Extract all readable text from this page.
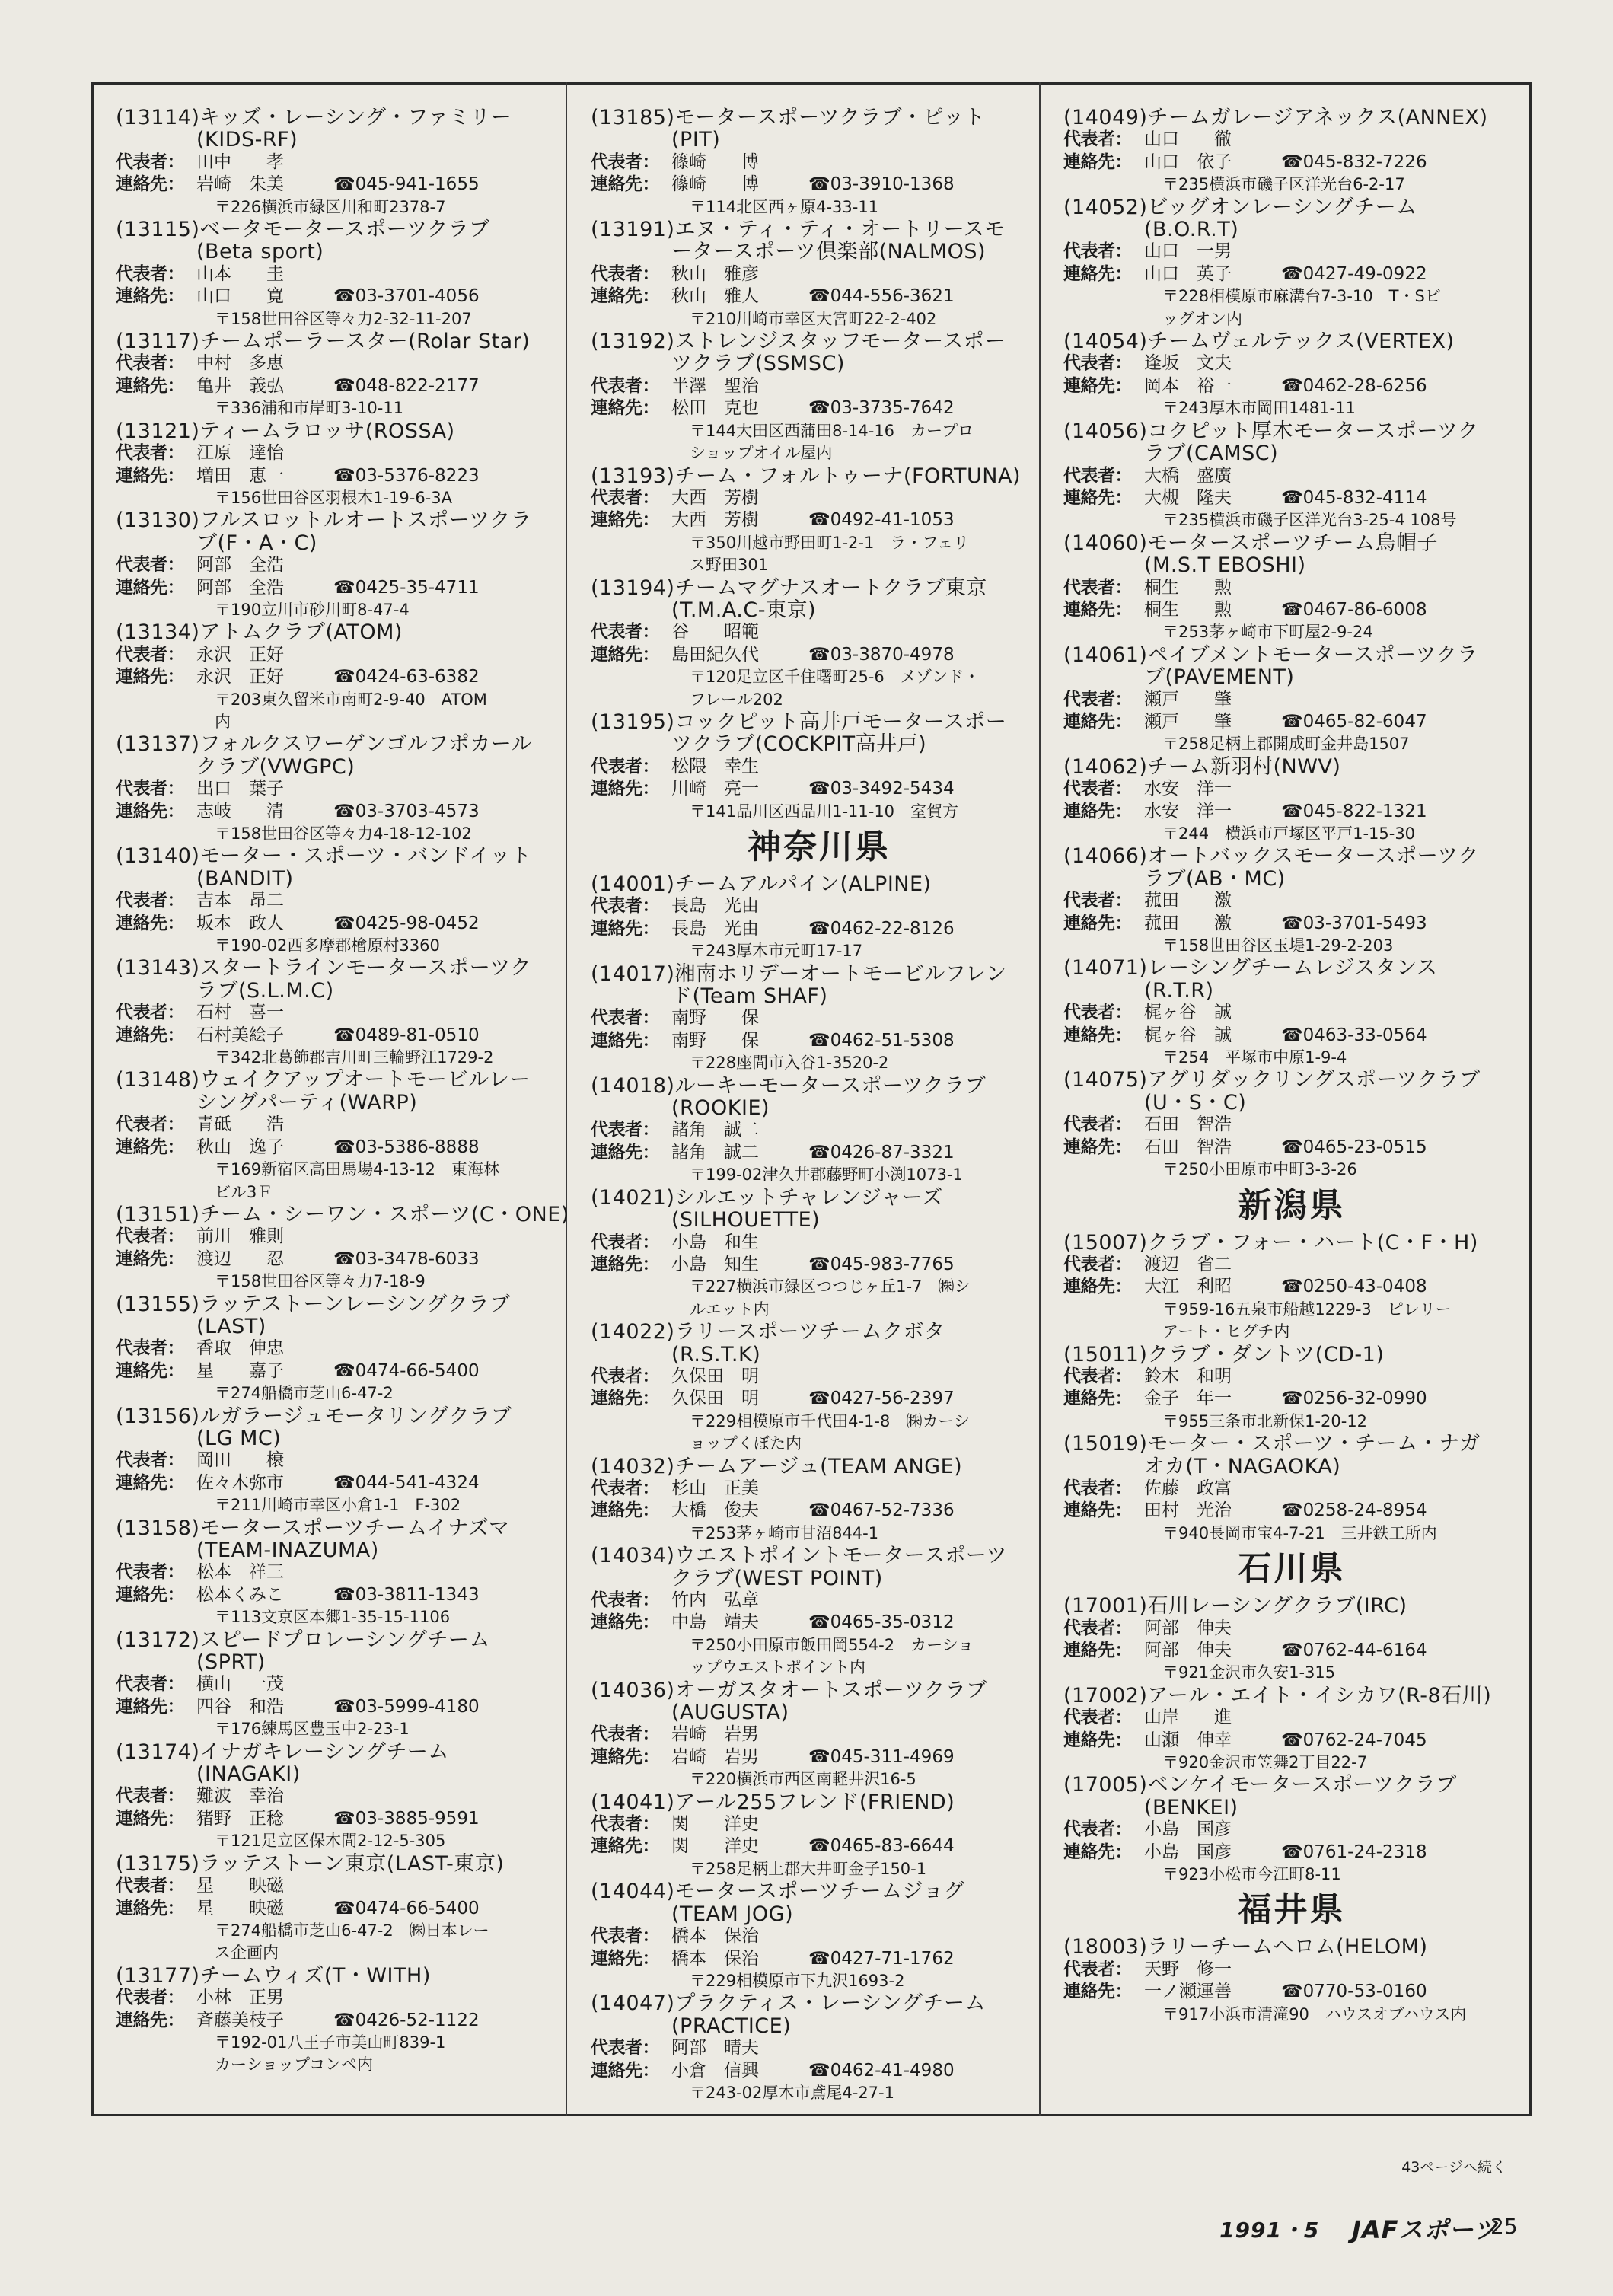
(13114)キッズ・レーシング・ファミリー
(KIDS-RF)
代表者： 田中　　孝
連絡先： 岩崎　朱美	☎045-941-1655
〒226横浜市緑区川和町2378-7
(13115)ベータモータースポーツクラブ
(Beta sport)
代表者： 山本　　圭
連絡先： 山口　　寛	☎03-3701-4056
〒158世田谷区等々力2-32-11-207
(13117)チームポーラースター(Rolar Star)
代表者： 中村　多恵
連絡先： 亀井　義弘	☎048-822-2177
〒336浦和市岸町3-10-11
(13121)ティームラロッサ(ROSSA)
代表者： 江原　達怡
連絡先： 増田　恵一	☎03-5376-8223
〒156世田谷区羽根木1-19-6-3A
(13130)フルスロットルオートスポーツクラ
ブ(F・A・C)
代表者： 阿部　全浩
連絡先： 阿部　全浩	☎0425-35-4711
〒190立川市砂川町8-47-4
(13134)アトムクラブ(ATOM)
代表者： 永沢　正好
連絡先： 永沢　正好	☎0424-63-6382
〒203東久留米市南町2-9-40　ATOM
内
(13137)フォルクスワーゲンゴルフポカール
クラブ(VWGPC)
代表者： 出口　葉子
連絡先： 志岐　　清	☎03-3703-4573
〒158世田谷区等々力4-18-12-102
(13140)モーター・スポーツ・バンドイット
(BANDIT)
代表者： 吉本　昂二
連絡先： 坂本　政人	☎0425-98-0452
〒190-02西多摩郡檜原村3360
(13143)スタートラインモータースポーツク
ラブ(S.L.M.C)
代表者： 石村　喜一
連絡先： 石村美絵子	☎0489-81-0510
〒342北葛飾郡吉川町三輪野江1729-2
(13148)ウェイクアップオートモービルレー
シングパーティ(WARP)
代表者： 青砥　　浩
連絡先： 秋山　逸子	☎03-5386-8888
〒169新宿区高田馬場4-13-12　東海林
ビル3Ｆ
(13151)チーム・シーワン・スポーツ(C・ONE)
代表者： 前川　雅則
連絡先： 渡辺　　忍	☎03-3478-6033
〒158世田谷区等々力7-18-9
(13155)ラッテストーンレーシングクラブ
(LAST)
代表者： 香取　伸忠
連絡先： 星　　嘉子	☎0474-66-5400
〒274船橋市芝山6-47-2
(13156)ルガラージュモータリングクラブ
(LG MC)
代表者： 岡田　　榱
連絡先： 佐々木弥市	☎044-541-4324
〒211川崎市幸区小倉1-1　F-302
(13158)モータースポーツチームイナズマ
(TEAM-INAZUMA)
代表者： 松本　祥三
連絡先： 松本くみこ	☎03-3811-1343
〒113文京区本郷1-35-15-1106
(13172)スピードプロレーシングチーム
(SPRT)
代表者： 横山　一茂
連絡先： 四谷　和浩	☎03-5999-4180
〒176練馬区豊玉中2-23-1
(13174)イナガキレーシングチーム
(INAGAKI)
代表者： 難波　幸治
連絡先： 猪野　正稔	☎03-3885-9591
〒121足立区保木間2-12-5-305
(13175)ラッテストーン東京(LAST-東京)
代表者： 星　　映磁
連絡先： 星　　映磁	☎0474-66-5400
〒274船橋市芝山6-47-2　㈱日本レー
ス企画内
(13177)チームウィズ(T・WITH)
代表者： 小林　正男
連絡先： 斉藤美枝子	☎0426-52-1122
〒192-01八王子市美山町839-1
カーショップコンペ内
(13185)モータースポーツクラブ・ピット
(PIT)
代表者： 篠崎　　博
連絡先： 篠崎　　博	☎03-3910-1368
〒114北区西ヶ原4-33-11
(13191)エヌ・ティ・ティ・オートリースモ
ータースポーツ倶楽部(NALMOS)
代表者： 秋山　雅彦
連絡先： 秋山　雅人	☎044-556-3621
〒210川崎市幸区大宮町22-2-402
(13192)ストレンジスタッフモータースポー
ツクラブ(SSMSC)
代表者： 半澤　聖治
連絡先： 松田　克也	☎03-3735-7642
〒144大田区西蒲田8-14-16　カープロ
ショップオイル屋内
(13193)チーム・フォルトゥーナ(FORTUNA)
代表者： 大西　芳樹
連絡先： 大西　芳樹	☎0492-41-1053
〒350川越市野田町1-2-1　ラ・フェリ
ス野田301
(13194)チームマグナスオートクラブ東京
(T.M.A.C-東京)
代表者： 谷　　昭範
連絡先： 島田紀久代	☎03-3870-4978
〒120足立区千住曙町25-6　メゾンド・
フレール202
(13195)コックピット高井戸モータースポー
ツクラブ(COCKPIT高井戸)
代表者： 松隈　幸生
連絡先： 川崎　亮一	☎03-3492-5434
〒141品川区西品川1-11-10　室賀方
神奈川県
(14001)チームアルパイン(ALPINE)
代表者： 長島　光由
連絡先： 長島　光由	☎0462-22-8126
〒243厚木市元町17-17
(14017)湘南ホリデーオートモービルフレン
ド(Team SHAF)
代表者： 南野　　保
連絡先： 南野　　保	☎0462-51-5308
〒228座間市入谷1-3520-2
(14018)ルーキーモータースポーツクラブ
(ROOKIE)
代表者： 諸角　誠二
連絡先： 諸角　誠二	☎0426-87-3321
〒199-02津久井郡藤野町小渕1073-1
(14021)シルエットチャレンジャーズ
(SILHOUETTE)
代表者： 小島　和生
連絡先： 小島　知生	☎045-983-7765
〒227横浜市緑区つつじヶ丘1-7　㈱シ
ルエット内
(14022)ラリースポーツチームクボタ
(R.S.T.K)
代表者： 久保田　明
連絡先： 久保田　明	☎0427-56-2397
〒229相模原市千代田4-1-8　㈱カーシ
ョップくぼた内
(14032)チームアージュ(TEAM ANGE)
代表者： 杉山　正美
連絡先： 大橋　俊夫	☎0467-52-7336
〒253茅ヶ崎市甘沼844-1
(14034)ウエストポイントモータースポーツ
クラブ(WEST POINT)
代表者： 竹内　弘章
連絡先： 中島　靖夫	☎0465-35-0312
〒250小田原市飯田岡554-2　カーショ
ップウエストポイント内
(14036)オーガスタオートスポーツクラブ
(AUGUSTA)
代表者： 岩崎　岩男
連絡先： 岩崎　岩男	☎045-311-4969
〒220横浜市西区南軽井沢16-5
(14041)アール255フレンド(FRIEND)
代表者： 関　　洋史
連絡先： 関　　洋史	☎0465-83-6644
〒258足柄上郡大井町金子150-1
(14044)モータースポーツチームジョグ
(TEAM JOG)
代表者： 橋本　保治
連絡先： 橋本　保治	☎0427-71-1762
〒229相模原市下九沢1693-2
(14047)プラクティス・レーシングチーム
(PRACTICE)
代表者： 阿部　晴夫
連絡先： 小倉　信興	☎0462-41-4980
〒243-02厚木市鳶尾4-27-1
(14049)チームガレージアネックス(ANNEX)
代表者： 山口　　徹
連絡先： 山口　依子	☎045-832-7226
〒235横浜市磯子区洋光台6-2-17
(14052)ビッグオンレーシングチーム
(B.O.R.T)
代表者： 山口　一男
連絡先： 山口　英子	☎0427-49-0922
〒228相模原市麻溝台7-3-10　T・Sビ
ッグオン内
(14054)チームヴェルテックス(VERTEX)
代表者： 逢坂　文夫
連絡先： 岡本　裕一	☎0462-28-6256
〒243厚木市岡田1481-11
(14056)コクピット厚木モータースポーツク
ラブ(CAMSC)
代表者： 大橋　盛廣
連絡先： 大槻　隆夫	☎045-832-4114
〒235横浜市磯子区洋光台3-25-4 108号
(14060)モータースポーツチーム烏帽子
(M.S.T EBOSHI)
代表者： 桐生　　勲
連絡先： 桐生　　勲	☎0467-86-6008
〒253茅ヶ崎市下町屋2-9-24
(14061)ペイブメントモータースポーツクラ
ブ(PAVEMENT)
代表者： 瀬戸　　肇
連絡先： 瀬戸　　肇	☎0465-82-6047
〒258足柄上郡開成町金井島1507
(14062)チーム新羽村(NWV)
代表者： 水安　洋一
連絡先： 水安　洋一	☎045-822-1321
〒244　横浜市戸塚区平戸1-15-30
(14066)オートバックスモータースポーツク
ラブ(AB・MC)
代表者： 菰田　　激
連絡先： 菰田　　激	☎03-3701-5493
〒158世田谷区玉堤1-29-2-203
(14071)レーシングチームレジスタンス
(R.T.R)
代表者： 梶ヶ谷　誠
連絡先： 梶ヶ谷　誠	☎0463-33-0564
〒254　平塚市中原1-9-4
(14075)アグリダックリングスポーツクラブ
(U・S・C)
代表者： 石田　智浩
連絡先： 石田　智浩	☎0465-23-0515
〒250小田原市中町3-3-26
新潟県
(15007)クラブ・フォー・ハート(C・F・H)
代表者： 渡辺　省二
連絡先： 大江　利昭	☎0250-43-0408
〒959-16五泉市船越1229-3　ピレリー
アート・ヒグチ内
(15011)クラブ・ダントツ(CD-1)
代表者： 鈴木　和明
連絡先： 金子　年一	☎0256-32-0990
〒955三条市北新保1-20-12
(15019)モーター・スポーツ・チーム・ナガ
オカ(T・NAGAOKA)
代表者： 佐藤　政富
連絡先： 田村　光治	☎0258-24-8954
〒940長岡市宝4-7-21　三井鉄工所内
石川県
(17001)石川レーシングクラブ(IRC)
代表者： 阿部　伸夫
連絡先： 阿部　伸夫	☎0762-44-6164
〒921金沢市久安1-315
(17002)アール・エイト・イシカワ(R-8石川)
代表者： 山岸　　進
連絡先： 山瀬　伸幸	☎0762-24-7045
〒920金沢市笠舞2丁目22-7
(17005)ベンケイモータースポーツクラブ
(BENKEI)
代表者： 小島　国彦
連絡先： 小島　国彦	☎0761-24-2318
〒923小松市今江町8-11
福井県
(18003)ラリーチームヘロム(HELOM)
代表者： 天野　修一
連絡先： 一ノ瀬運善	☎0770-53-0160
〒917小浜市清滝90　ハウスオブハウス内
43ページへ続く
1991・5 JAFスポーツ
25
